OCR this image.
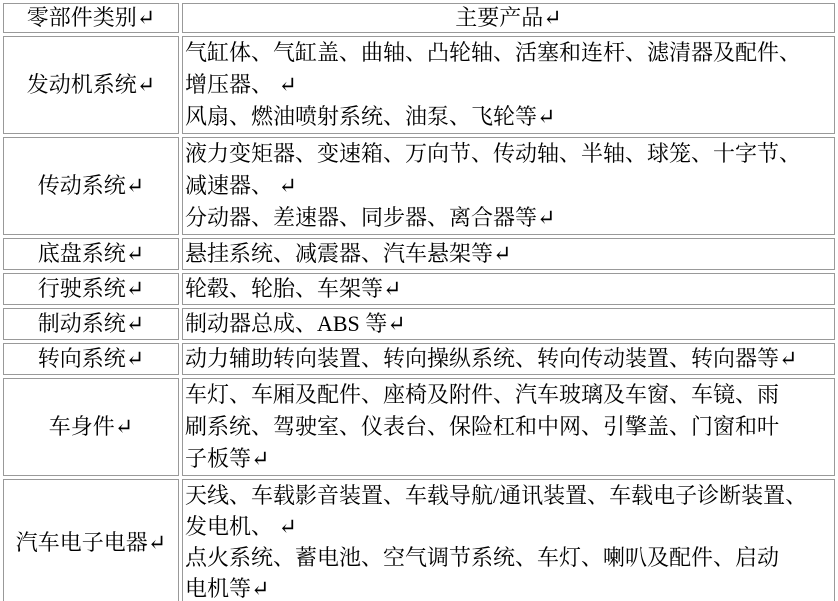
零部件类别↵	主要产品↵

发动机系统↵	气缸体、气缸盖、曲轴、凸轮轴、活塞和连杆、滤清器及配件、
增压器、 ↵
风扇、燃油喷射系统、油泵、飞轮等↵

传动系统↵	液力变矩器、变速箱、万向节、传动轴、半轴、球笼、十字节、
减速器、 ↵
分动器、差速器、同步器、离合器等↵

底盘系统↵	悬挂系统、减震器、汽车悬架等↵

行驶系统↵	轮毂、轮胎、车架等↵

制动系统↵	制动器总成、ABS 等↵

转向系统↵	动力辅助转向装置、转向操纵系统、转向传动装置、转向器等↵

车身件↵	车灯、车厢及配件、座椅及附件、汽车玻璃及车窗、车镜、雨
刷系统、驾驶室、仪表台、保险杠和中网、引擎盖、门窗和叶
子板等↵

汽车电子电器↵	天线、车载影音装置、车载导航/通讯装置、车载电子诊断装置、
发电机、 ↵
点火系统、蓄电池、空气调节系统、车灯、喇叭及配件、启动
电机等↵
